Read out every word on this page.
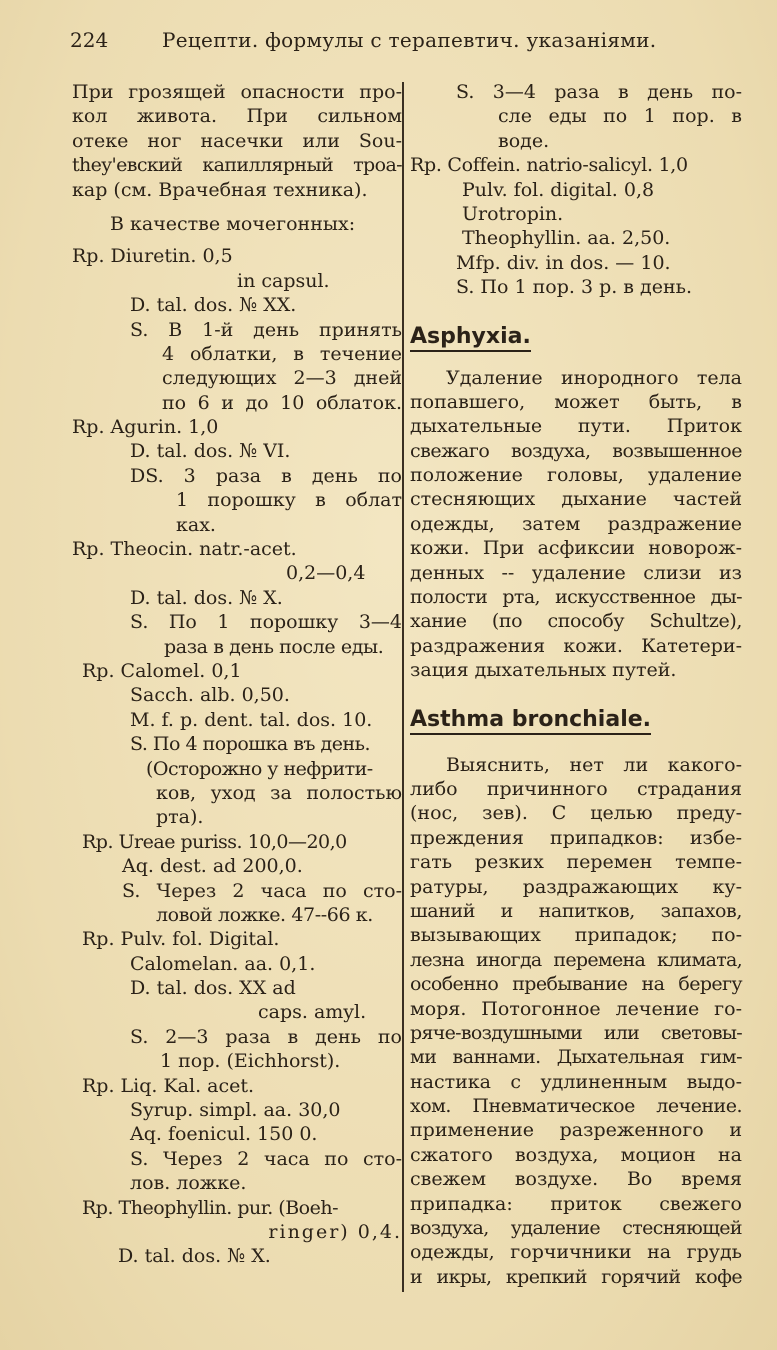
224	Рецепти. формулы с терапевтич. указаніями.
При грозящей опасности про-
кол живота. При сильном
отеке ног насечки или Sou-
they'евский капиллярный троа-
кар (см. Врачебная техника).
В качестве мочегонных:
Rp. Diuretin. 0,5
in capsul.
D. tal. dos. № XX.
S. В 1-й день принять
4 облатки, в течение
следующих 2—3 дней
по 6 и до 10 облаток.
Rp. Agurin. 1,0
D. tal. dos. № VI.
DS. 3 раза в день по
1 порошку в облат
ках.
Rp. Theocin. natr.-acet.
0,2—0,4
D. tal. dos. № X.
S. По 1 порошку 3—4
раза в день после еды.
Rp. Calomel. 0,1
Sacch. alb. 0,50.
M. f. p. dent. tal. dos. 10.
S. По 4 порошка въ день.
(Осторожно у нефрити-
ков, уход за полостью
рта).
Rp. Ureae puriss. 10,0—20,0
Aq. dest. ad 200,0.
S. Через 2 часа по сто-
ловой ложке. 47--66 к.
Rp. Pulv. fol. Digital.
Calomelan. aa. 0,1.
D. tal. dos. XX ad
caps. amyl.
S. 2—3 раза в день по
1 пор. (Eichhorst).
Rp. Liq. Kal. acet.
Syrup. simpl. aa. 30,0
Aq. foenicul. 150 0.
S. Через 2 часа по сто-
лов. ложке.
Rp. Theophyllin. pur. (Boeh-
ringer) 0,4.
D. tal. dos. № X.
S. 3—4 раза в день по-
сле еды по 1 пор. в
воде.
Rp. Coffein. natrio-salicyl. 1,0
Pulv. fol. digital. 0,8
Urotropin.
Theophyllin. aa. 2,50.
Mfp. div. in dos. — 10.
S. По 1 пор. 3 р. в день.
Asphyxia.
Удаление инородного тела
попавшего, может быть, в
дыхательные пути. Приток
свежаго воздуха, возвышенное
положение головы, удаление
стесняющих дыхание частей
одежды, затем раздражение
кожи. При асфиксии новорож-
денных -- удаление слизи из
полости рта, искусственное ды-
хание (по способу Schultze),
раздражения кожи. Катетери-
зация дыхательных путей.
Asthma bronchiale.
Выяснить, нет ли какого-
либо причинного страдания
(нос, зев). С целью преду-
преждения припадков: избе-
гать резких перемен темпе-
ратуры, раздражающих ку-
шаний и напитков, запахов,
вызывающих припадок; по-
лезна иногда перемена климата,
особенно пребывание на берегу
моря. Потогонное лечение го-
ряче-воздушными или световы-
ми ваннами. Дыхательная гим-
настика с удлиненным выдо-
хом. Пневматическое лечение.
применение разреженного и
сжатого воздуха, моцион на
свежем воздухе. Во время
припадка: приток свежего
воздуха, удаление стесняющей
одежды, горчичники на грудь
и икры, крепкий горячий кофе
